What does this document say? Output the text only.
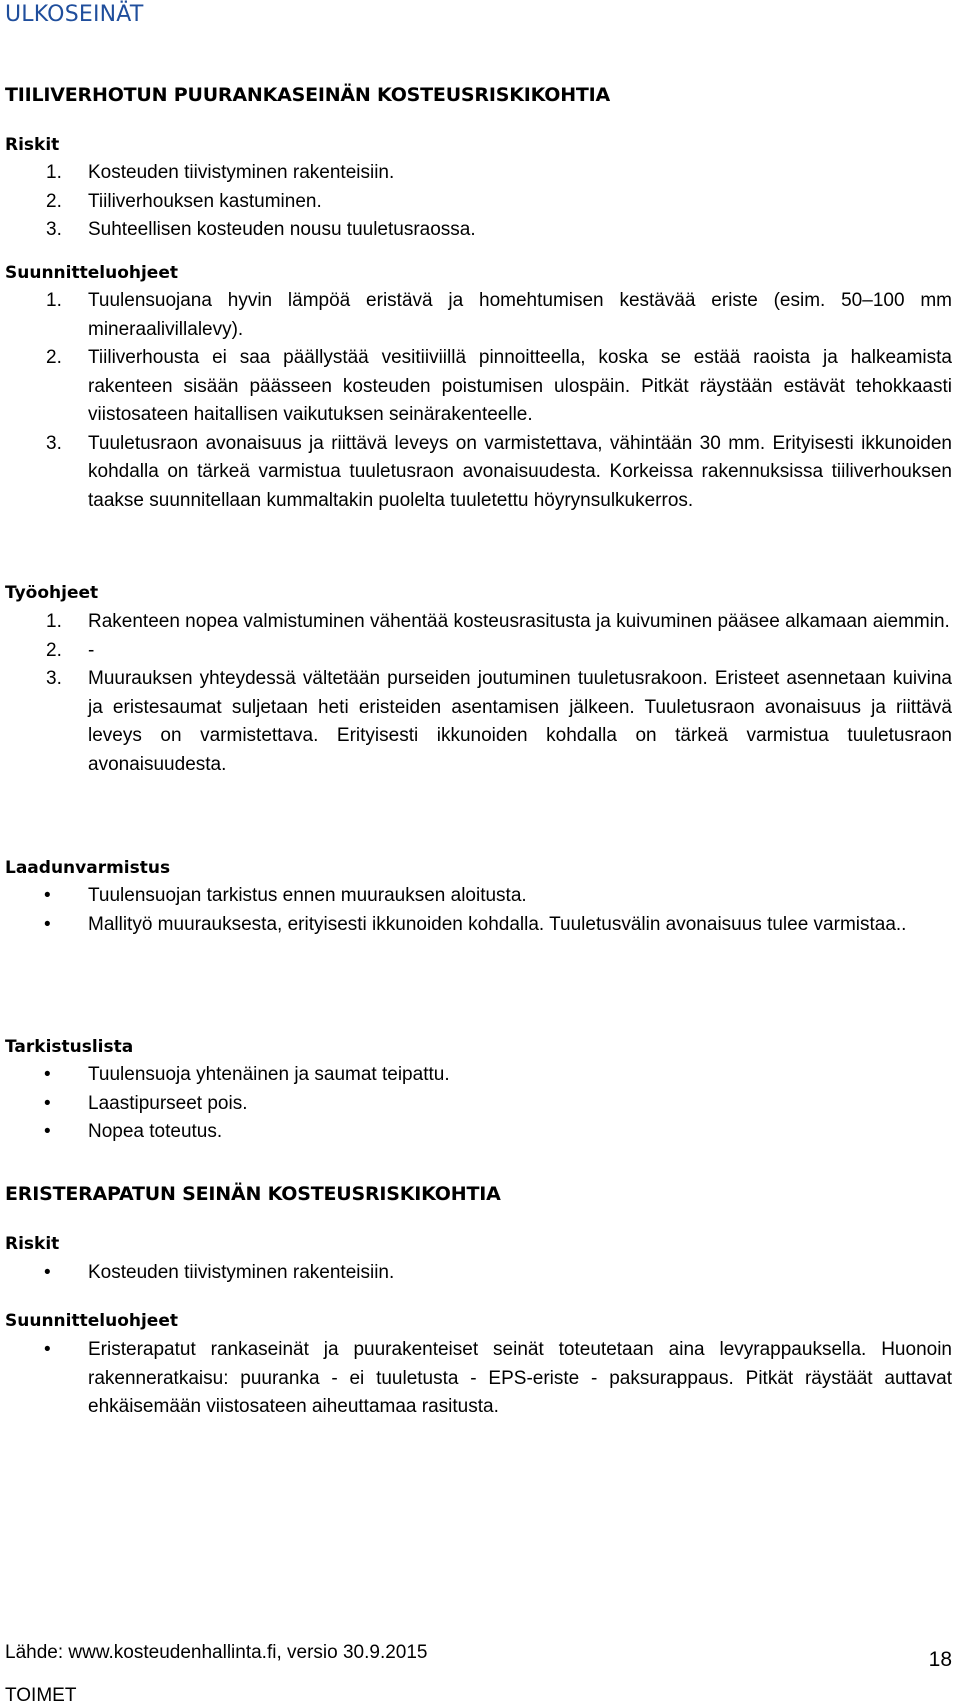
ULKOSEINÄT
TIILIVERHOTUN PUURANKASEINÄN KOSTEUSRISKIKOHTIA
Riskit
1.	Kosteuden tiivistyminen rakenteisiin.
2.	Tiiliverhouksen kastuminen.
3.	Suhteellisen kosteuden nousu tuuletusraossa.
Suunnitteluohjeet
1.	Tuulensuojana hyvin lämpöä eristävä ja homehtumisen kestävää eriste (esim. 50–100 mm mineraalivillalevy).
2.	Tiiliverhousta ei saa päällystää vesitiiviillä pinnoitteella, koska se estää raoista ja halkeamista rakenteen sisään päässeen kosteuden poistumisen ulospäin. Pitkät räystään estävät tehokkaasti viistosateen haitallisen vaikutuksen seinärakenteelle.
3.	Tuuletusraon avonaisuus ja riittävä leveys on varmistettava, vähintään 30 mm. Erityisesti ikkunoiden kohdalla on tärkeä varmistua tuuletusraon avonaisuudesta. Korkeissa rakennuksissa tiiliverhouksen taakse suunnitellaan kummaltakin puolelta tuuletettu höyrynsulkukerros.
Työohjeet
1.	Rakenteen nopea valmistuminen vähentää kosteusrasitusta ja kuivuminen pääsee alkamaan aiemmin.
2.	-
3.	Muurauksen yhteydessä vältetään purseiden joutuminen tuuletusrakoon. Eristeet asennetaan kuivina ja eristesaumat suljetaan heti eristeiden asentamisen jälkeen. Tuuletusraon avonaisuus ja riittävä leveys on varmistettava. Erityisesti ikkunoiden kohdalla on tärkeä varmistua tuuletusraon avonaisuudesta.
Laadunvarmistus
• Tuulensuojan tarkistus ennen muurauksen aloitusta.
• Mallityö muurauksesta, erityisesti ikkunoiden kohdalla. Tuuletusvälin avonaisuus tulee varmistaa..
Tarkistuslista
• Tuulensuoja yhtenäinen ja saumat teipattu.
• Laastipurseet pois.
• Nopea toteutus.
ERISTERAPATUN SEINÄN KOSTEUSRISKIKOHTIA
Riskit
• Kosteuden tiivistyminen rakenteisiin.
Suunnitteluohjeet
• Eristerapatut rankaseinät ja puurakenteiset seinät toteutetaan aina levyrappauksella. Huonoin rakenneratkaisu: puuranka - ei tuuletusta - EPS-eriste - paksurappaus. Pitkät räystäät auttavat ehkäisemään viistosateen aiheuttamaa rasitusta.
Lähde: www.kosteudenhallinta.fi, versio 30.9.2015	18
TOIMET
